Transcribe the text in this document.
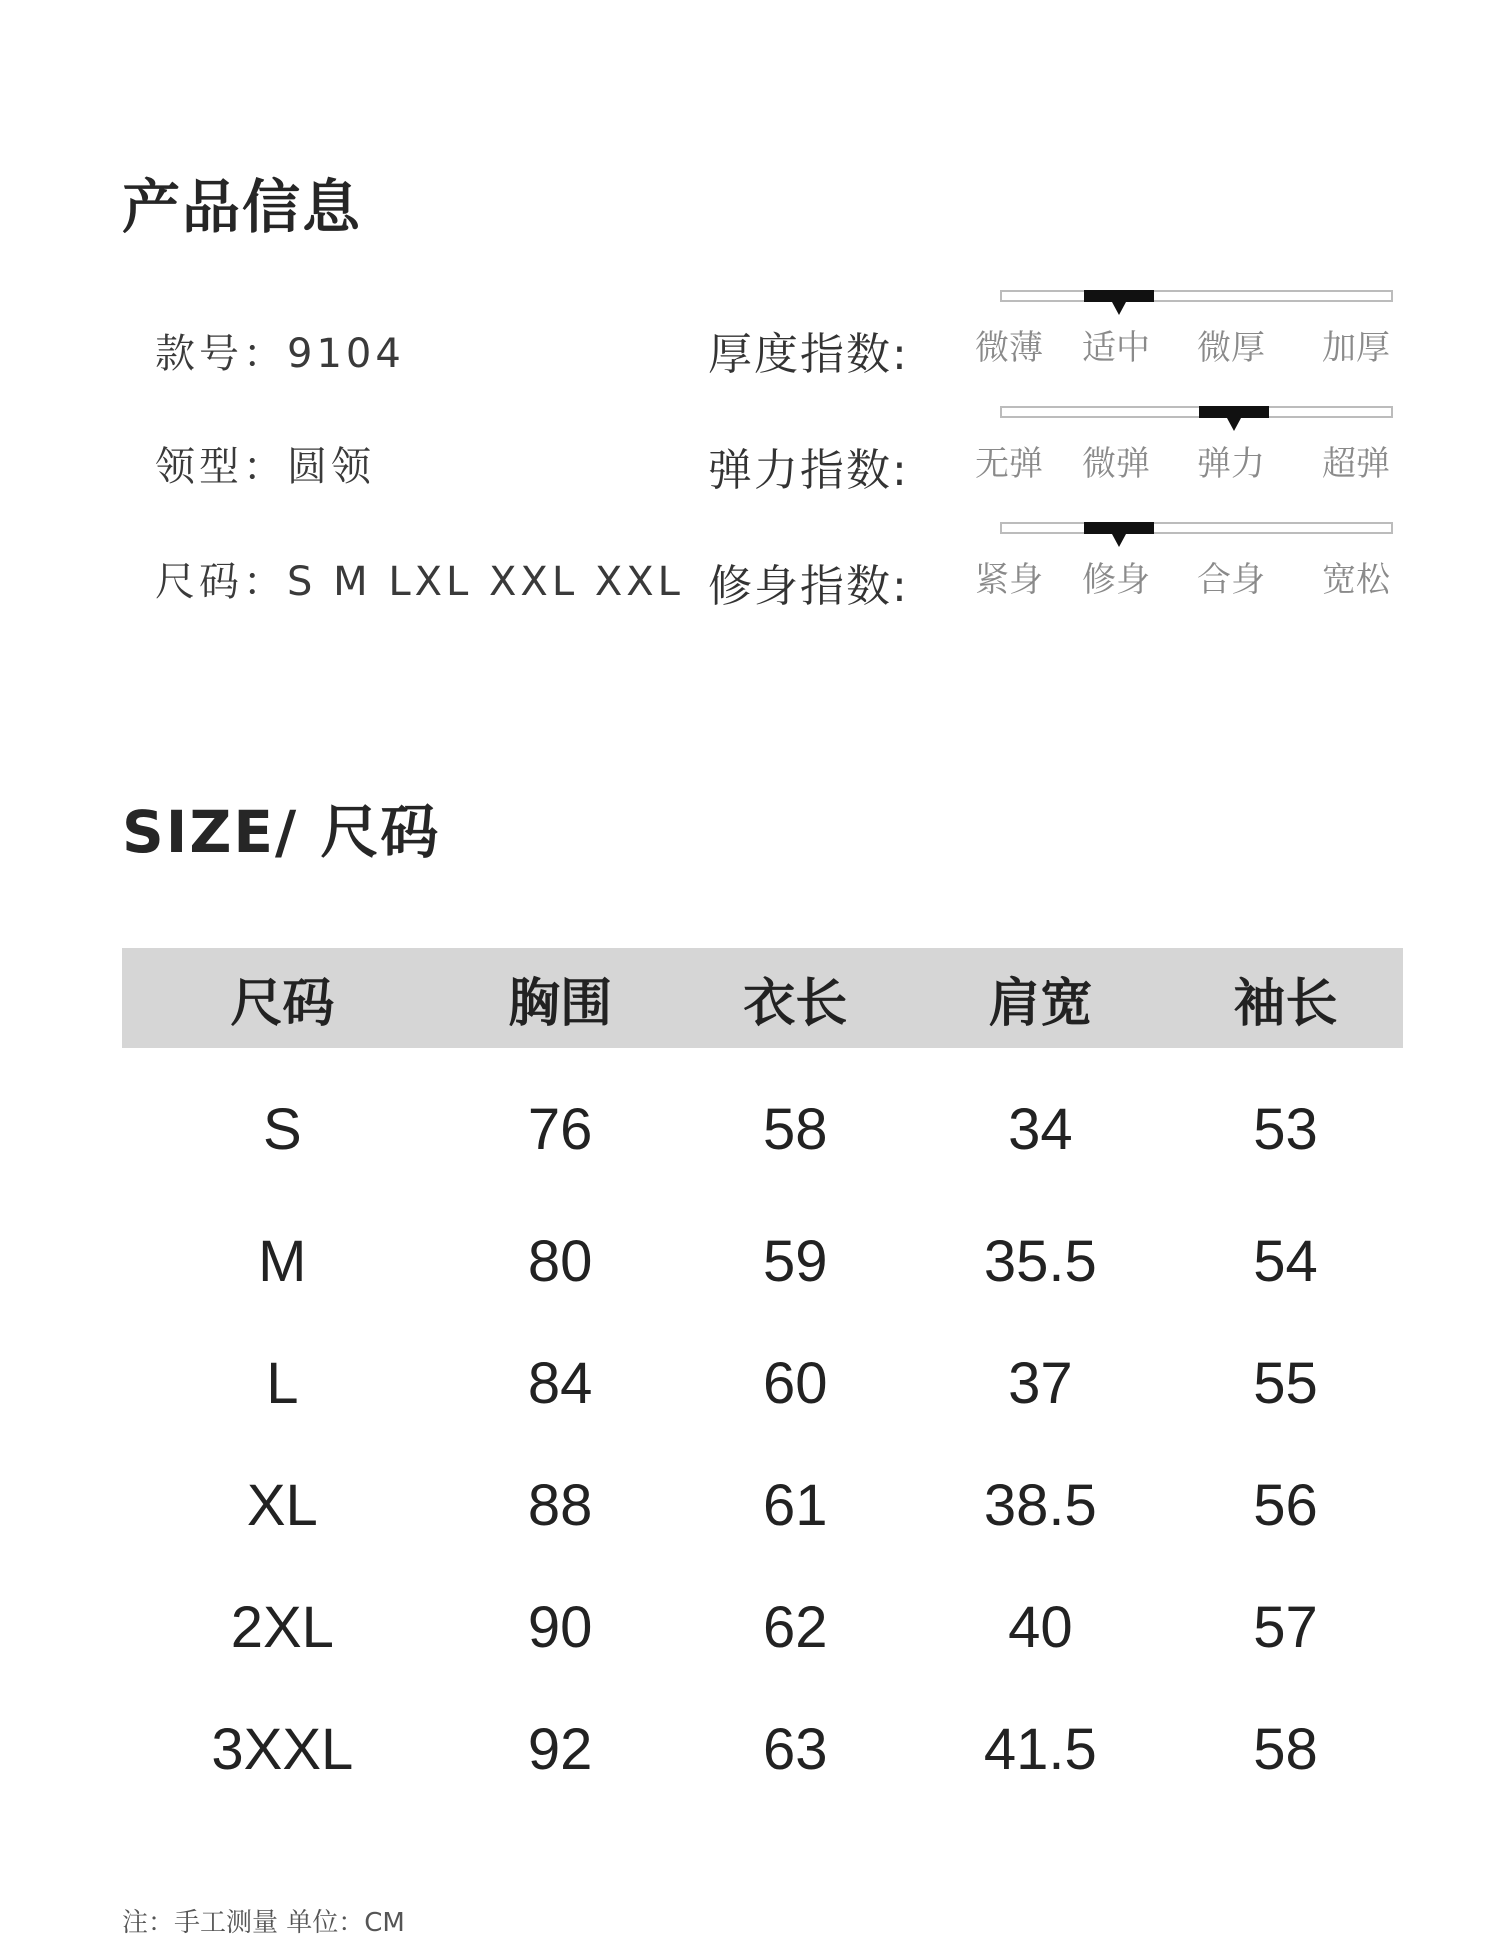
产品信息
款号：9104
领型：圆领
尺码：S M LXL XXL XXL
厚度指数:
弹力指数:
修身指数:
微薄 适中 微厚 加厚
无弹 微弹 弹力 超弹
紧身 修身 合身 宽松
SIZE/ 尺码
尺码	胸围	衣长	肩宽	袖长
S	76	58	34	53
M	80	59	35.5	54
L	84	60	37	55
XL	88	61	38.5	56
2XL	90	62	40	57
3XXL	92	63	41.5	58
注：手工测量 单位：CM
